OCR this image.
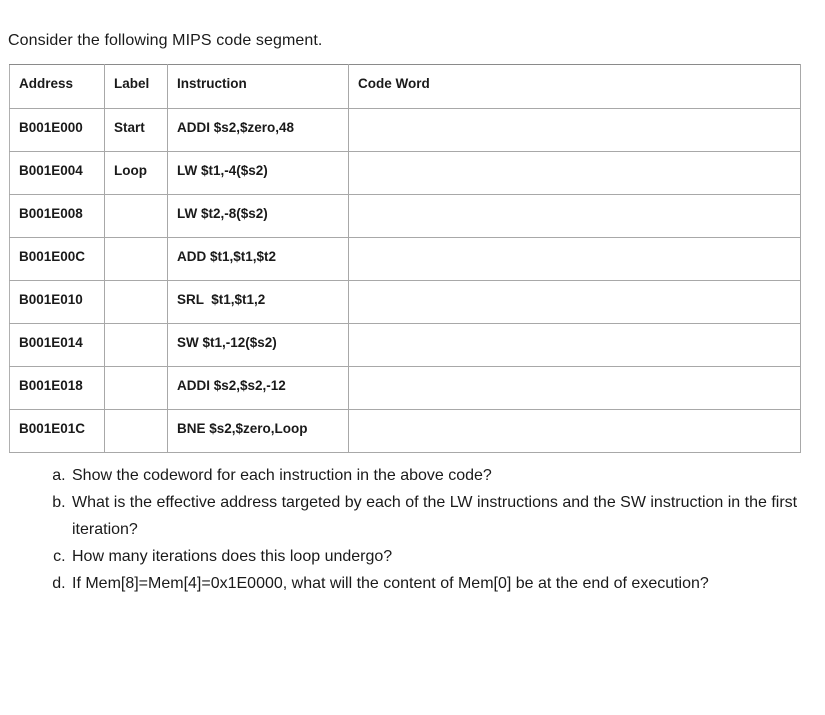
Consider the following MIPS code segment.
Address	Label	Instruction	Code Word
B001E000	Start	ADDI $s2,$zero,48	
B001E004	Loop	LW $t1,-4($s2)	
B001E008		LW $t2,-8($s2)	
B001E00C		ADD $t1,$t1,$t2	
B001E010		SRL  $t1,$t1,2	
B001E014		SW $t1,-12($s2)	
B001E018		ADDI $s2,$s2,-12	
B001E01C		BNE $s2,$zero,Loop	
a. Show the codeword for each instruction in the above code?
b. What is the effective address targeted by each of the LW instructions and the SW instruction in the first iteration?
c. How many iterations does this loop undergo?
d. If Mem[8]=Mem[4]=0x1E0000, what will the content of Mem[0] be at the end of execution?
